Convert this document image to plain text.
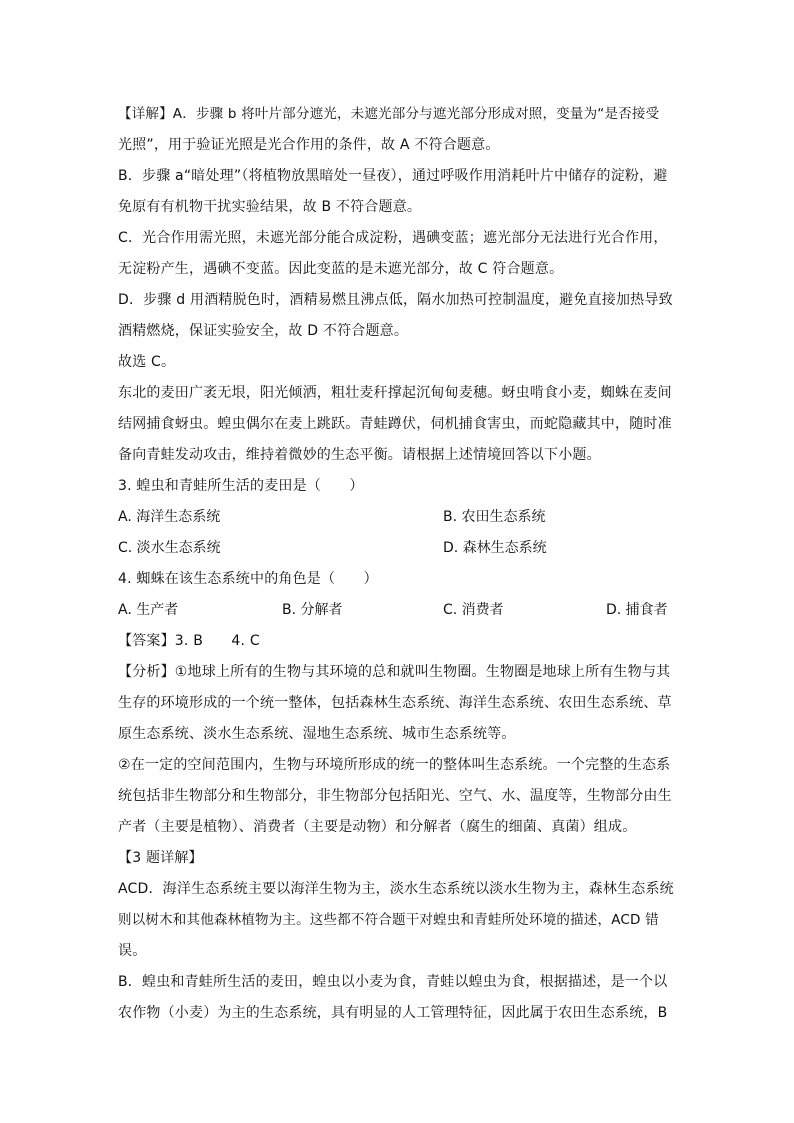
【详解】A．步骤 b 将叶片部分遮光，未遮光部分与遮光部分形成对照，变量为“是否接受
光照”，用于验证光照是光合作用的条件，故 A 不符合题意。
B．步骤 a“暗处理”（将植物放黑暗处一昼夜），通过呼吸作用消耗叶片中储存的淀粉，避
免原有有机物干扰实验结果，故 B 不符合题意。
C．光合作用需光照，未遮光部分能合成淀粉，遇碘变蓝；遮光部分无法进行光合作用，
无淀粉产生，遇碘不变蓝。因此变蓝的是未遮光部分，故 C 符合题意。
D．步骤 d 用酒精脱色时，酒精易燃且沸点低，隔水加热可控制温度，避免直接加热导致
酒精燃烧，保证实验安全，故 D 不符合题意。
故选 C。
东北的麦田广袤无垠，阳光倾洒，粗壮麦秆撑起沉甸甸麦穗。蚜虫啃食小麦，蜘蛛在麦间
结网捕食蚜虫。蝗虫偶尔在麦上跳跃。青蛙蹲伏，伺机捕食害虫，而蛇隐藏其中，随时准
备向青蛙发动攻击，维持着微妙的生态平衡。请根据上述情境回答以下小题。
3. 蝗虫和青蛙所生活的麦田是（　　）
A. 海洋生态系统	B. 农田生态系统
C. 淡水生态系统	D. 森林生态系统
4. 蜘蛛在该生态系统中的角色是（　　）
A. 生产者	B. 分解者	C. 消费者	D. 捕食者
【答案】3. B　　4. C
【分析】①地球上所有的生物与其环境的总和就叫生物圈。生物圈是地球上所有生物与其
生存的环境形成的一个统一整体，包括森林生态系统、海洋生态系统、农田生态系统、草
原生态系统、淡水生态系统、湿地生态系统、城市生态系统等。
②在一定的空间范围内，生物与环境所形成的统一的整体叫生态系统。一个完整的生态系
统包括非生物部分和生物部分，非生物部分包括阳光、空气、水、温度等，生物部分由生
产者（主要是植物）、消费者（主要是动物）和分解者（腐生的细菌、真菌）组成。
【3 题详解】
ACD．海洋生态系统主要以海洋生物为主，淡水生态系统以淡水生物为主，森林生态系统
则以树木和其他森林植物为主。这些都不符合题干对蝗虫和青蛙所处环境的描述，ACD 错
误。
B．蝗虫和青蛙所生活的麦田，蝗虫以小麦为食，青蛙以蝗虫为食，根据描述，是一个以
农作物（小麦）为主的生态系统，具有明显的人工管理特征，因此属于农田生态系统，B
